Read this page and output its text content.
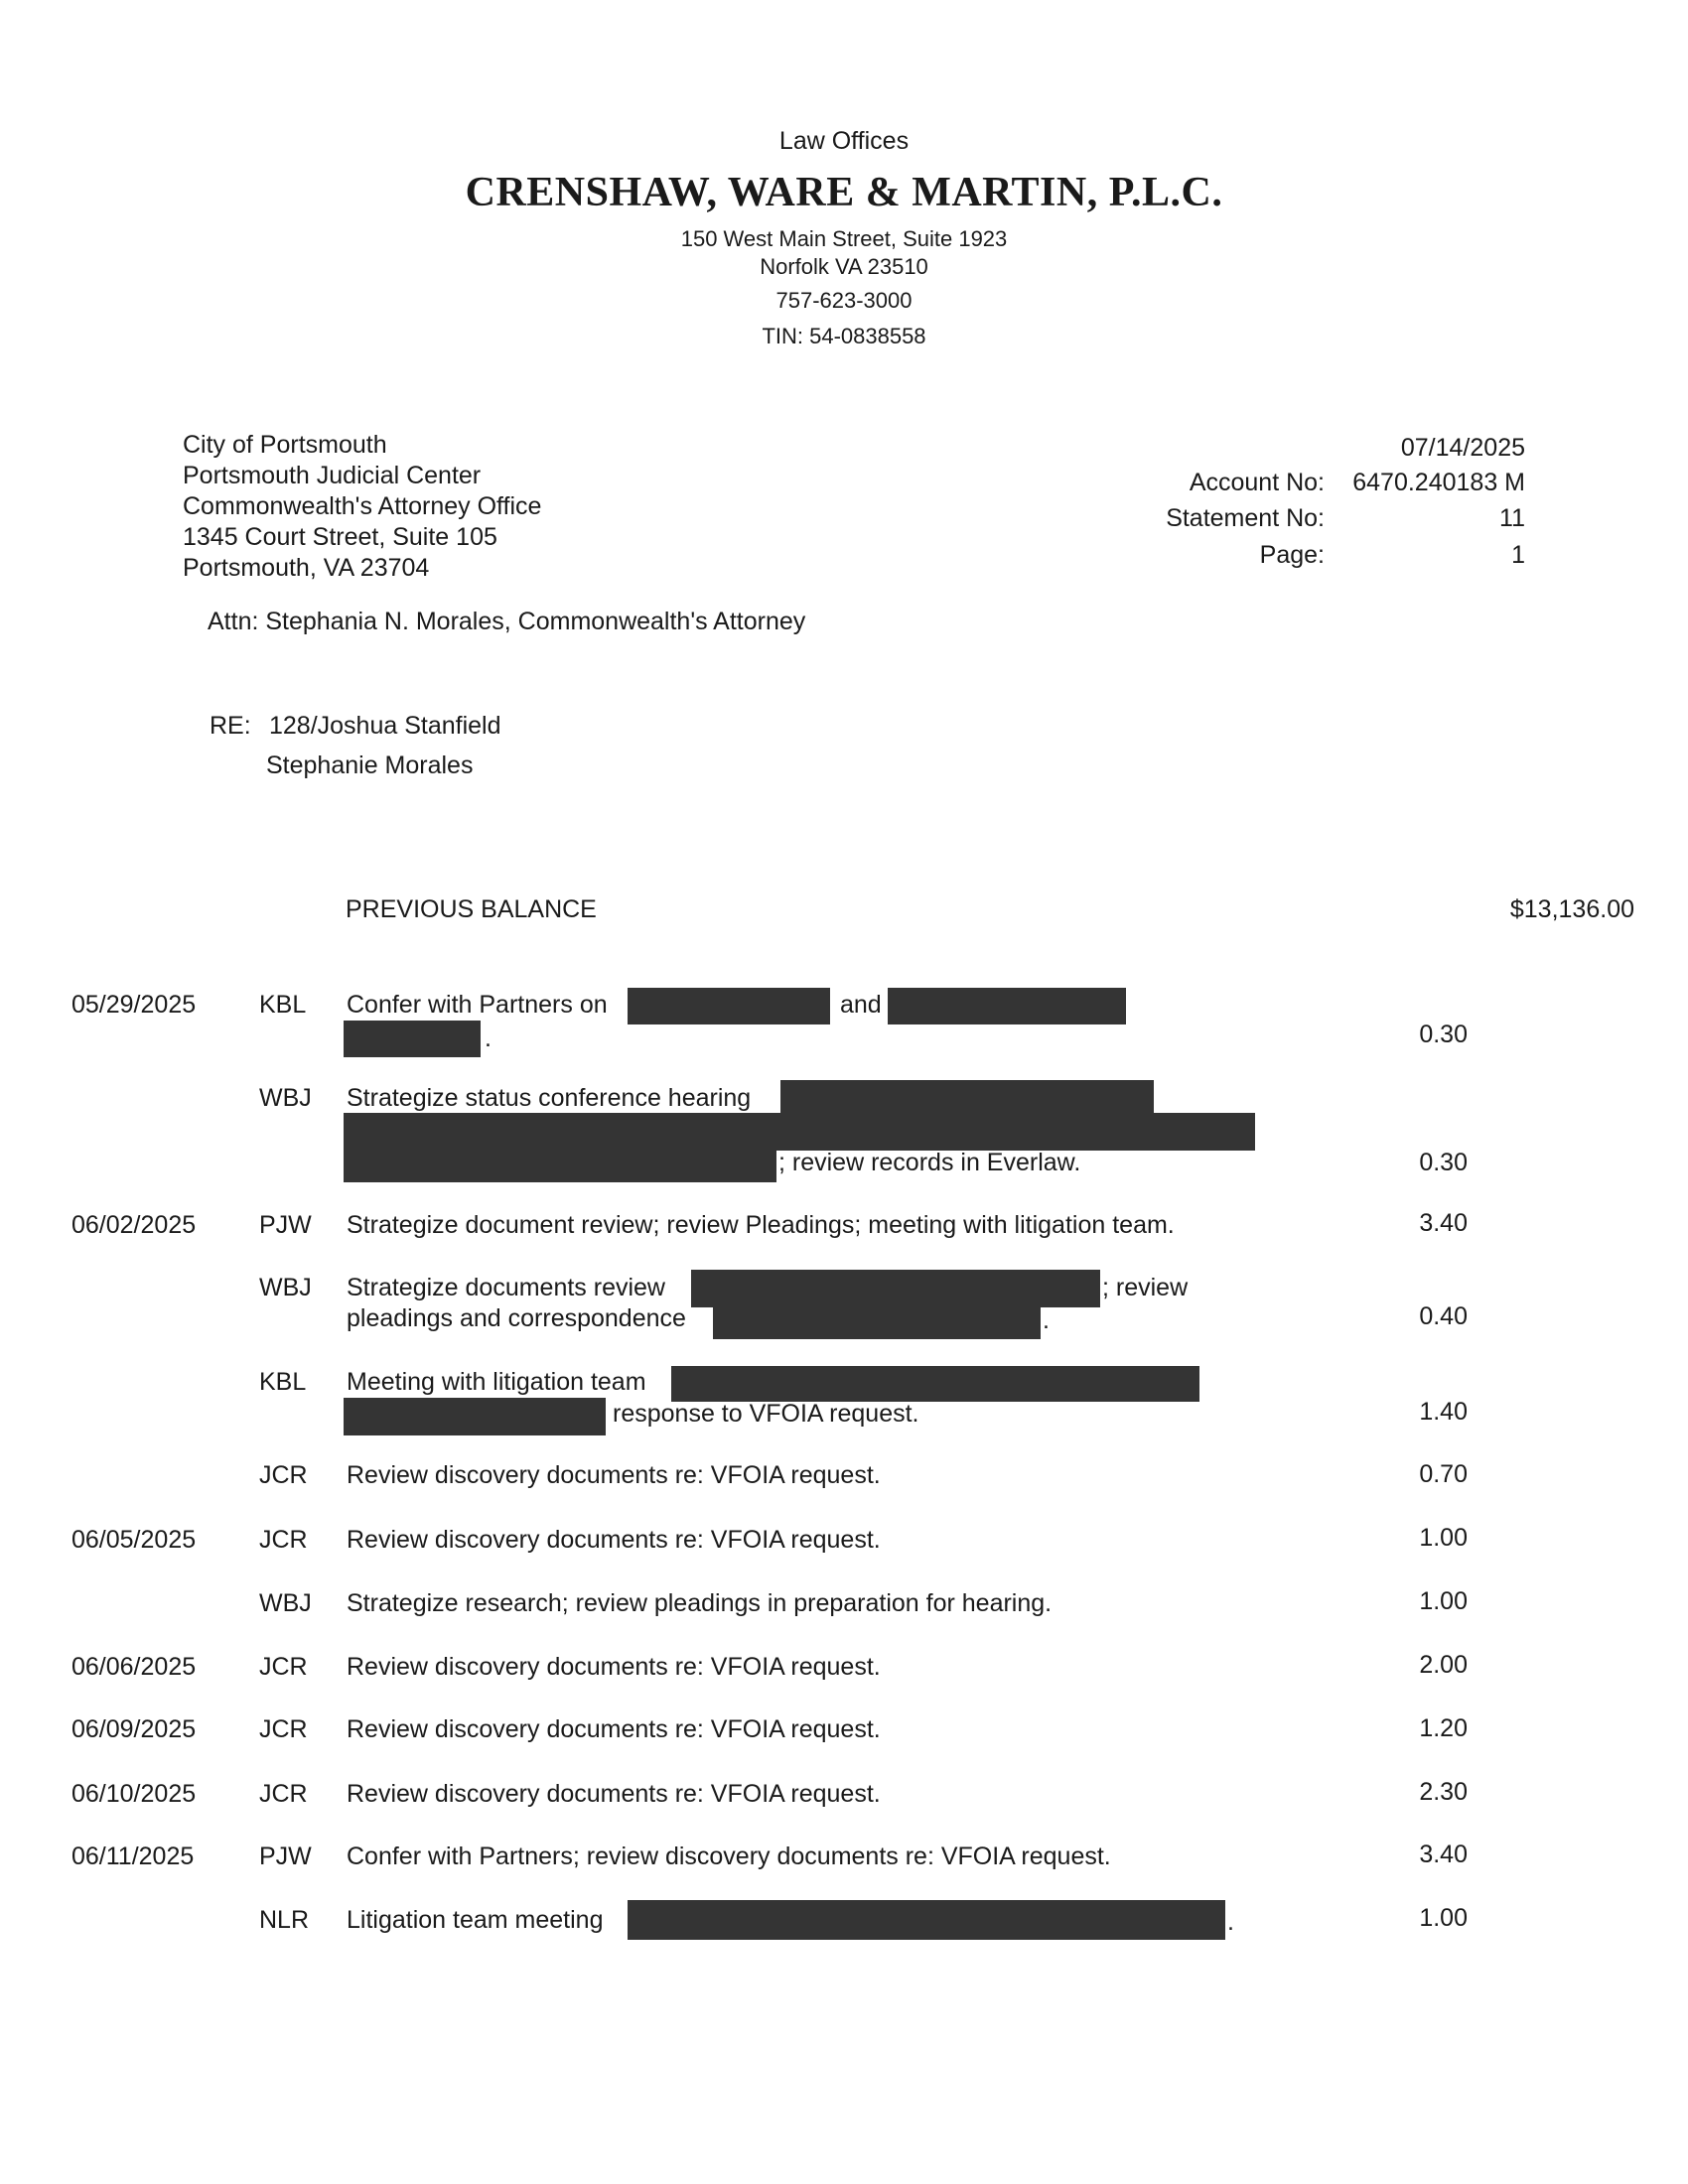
Law Offices
CRENSHAW, WARE & MARTIN, P.L.C.
150 West Main Street, Suite 1923
Norfolk VA 23510
757-623-3000
TIN: 54-0838558
City of Portsmouth
Portsmouth Judicial Center
Commonwealth's Attorney Office
1345 Court Street, Suite 105
Portsmouth, VA 23704
Attn: Stephania N. Morales, Commonwealth's Attorney
07/14/2025
Account No:	6470.240183 M
Statement No:	11
Page:	1
RE: 128/Joshua Stanfield
Stephanie Morales
PREVIOUS BALANCE	$13,136.00
05/29/2025	KBL Confer with Partners on	and
.	0.30
WBJ Strategize status conference hearing
; review records in Everlaw.	0.30
06/02/2025	PJW Strategize document review; review Pleadings; meeting with litigation team.	3.40
WBJ Strategize documents review	; review
pleadings and correspondence	.	0.40
KBL Meeting with litigation team
response to VFOIA request.	1.40
JCR Review discovery documents re: VFOIA request.	0.70
06/05/2025	JCR Review discovery documents re: VFOIA request.	1.00
WBJ Strategize research; review pleadings in preparation for hearing.	1.00
06/06/2025	JCR Review discovery documents re: VFOIA request.	2.00
06/09/2025	JCR Review discovery documents re: VFOIA request.	1.20
06/10/2025	JCR Review discovery documents re: VFOIA request.	2.30
06/11/2025	PJW Confer with Partners; review discovery documents re: VFOIA request.	3.40
NLR Litigation team meeting	.	1.00
